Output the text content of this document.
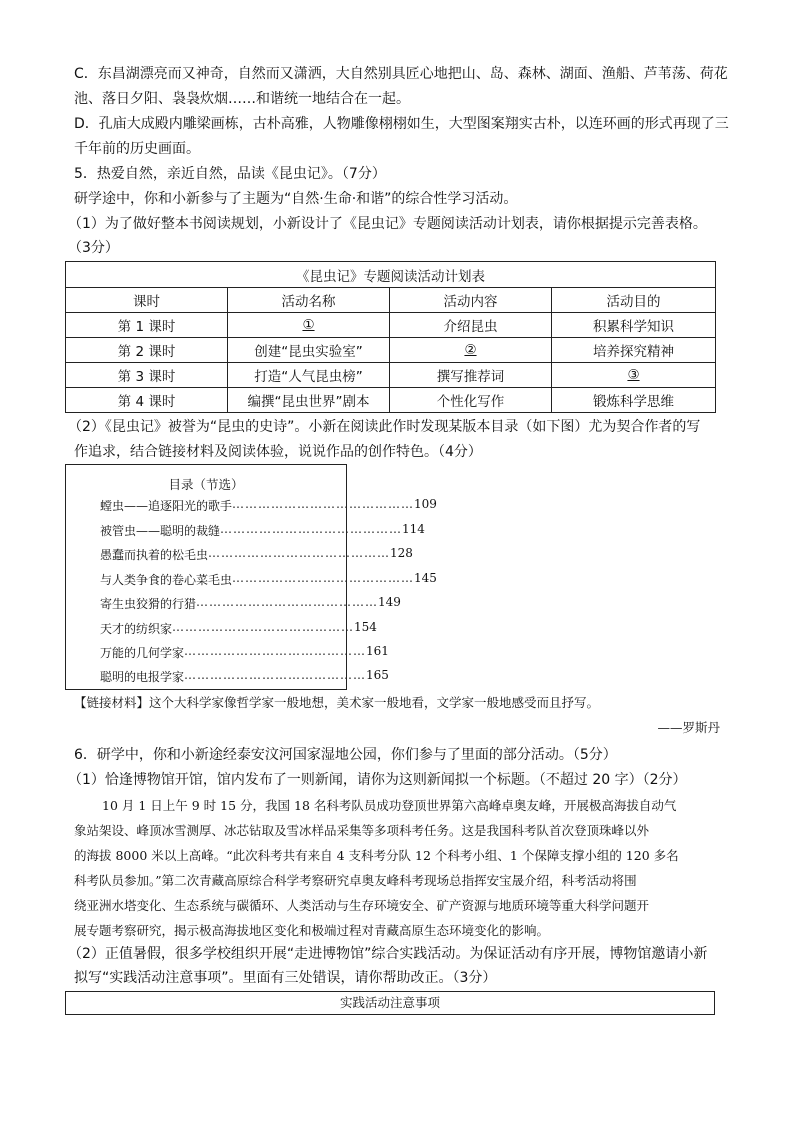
C．东昌湖漂亮而又神奇，自然而又潇洒，大自然别具匠心地把山、岛、森林、湖面、渔船、芦苇荡、荷花
池、落日夕阳、袅袅炊烟……和谐统一地结合在一起。
D．孔庙大成殿内雕梁画栋，古朴高雅，人物雕像栩栩如生，大型图案翔实古朴，以连环画的形式再现了三
千年前的历史画面。
5．热爱自然，亲近自然，品读《昆虫记》。（7分）
研学途中，你和小新参与了主题为“自然·生命·和谐”的综合性学习活动。
（1）为了做好整本书阅读规划，小新设计了《昆虫记》专题阅读活动计划表，请你根据提示完善表格。
（3分）
《昆虫记》专题阅读活动计划表			
课时	活动名称	活动内容	活动目的
第 1 课时	①	介绍昆虫	积累科学知识
第 2 课时	创建“昆虫实验室”	②	培养探究精神
第 3 课时	打造“人气昆虫榜”	撰写推荐词	③
第 4 课时	编撰“昆虫世界”剧本	个性化写作	锻炼科学思维
（2）《昆虫记》被誉为“昆虫的史诗”。小新在阅读此作时发现某版本目录（如下图）尤为契合作者的写
作追求，结合链接材料及阅读体验，说说作品的创作特色。（4分）
目录（节选）
螳虫——追逐阳光的歌手 …………………………………… 109
被管虫——聪明的裁缝 …………………………………… 114
愚蠢而执着的松毛虫 …………………………………… 128
与人类争食的卷心菜毛虫 …………………………………… 145
寄生虫狡猾的行猎 …………………………………… 149
天才的纺织家 …………………………………… 154
万能的几何学家 …………………………………… 161
聪明的电报学家 …………………………………… 165
【链接材料】这个大科学家像哲学家一般地想，美术家一般地看，文学家一般地感受而且抒写。
——罗斯丹
6．研学中，你和小新途经泰安汶河国家湿地公园，你们参与了里面的部分活动。（5分）
（1）恰逢博物馆开馆，馆内发布了一则新闻，请你为这则新闻拟一个标题。（不超过 20 字）（2分）
10 月 1 日上午 9 时 15 分，我国 18 名科考队员成功登顶世界第六高峰卓奥友峰，开展极高海拔自动气
象站架设、峰顶冰雪测厚、冰芯钻取及雪冰样品采集等多项科考任务。这是我国科考队首次登顶珠峰以外
的海拔 8000 米以上高峰。“此次科考共有来自 4 支科考分队 12 个科考小组、1 个保障支撑小组的 120 多名
科考队员参加。”第二次青藏高原综合科学考察研究卓奥友峰科考现场总指挥安宝晟介绍，科考活动将围
绕亚洲水塔变化、生态系统与碳循环、人类活动与生存环境安全、矿产资源与地质环境等重大科学问题开
展专题考察研究，揭示极高海拔地区变化和极端过程对青藏高原生态环境变化的影响。
（2）正值暑假，很多学校组织开展“走进博物馆”综合实践活动。为保证活动有序开展，博物馆邀请小新
拟写“实践活动注意事项”。里面有三处错误，请你帮助改正。（3分）
实践活动注意事项
